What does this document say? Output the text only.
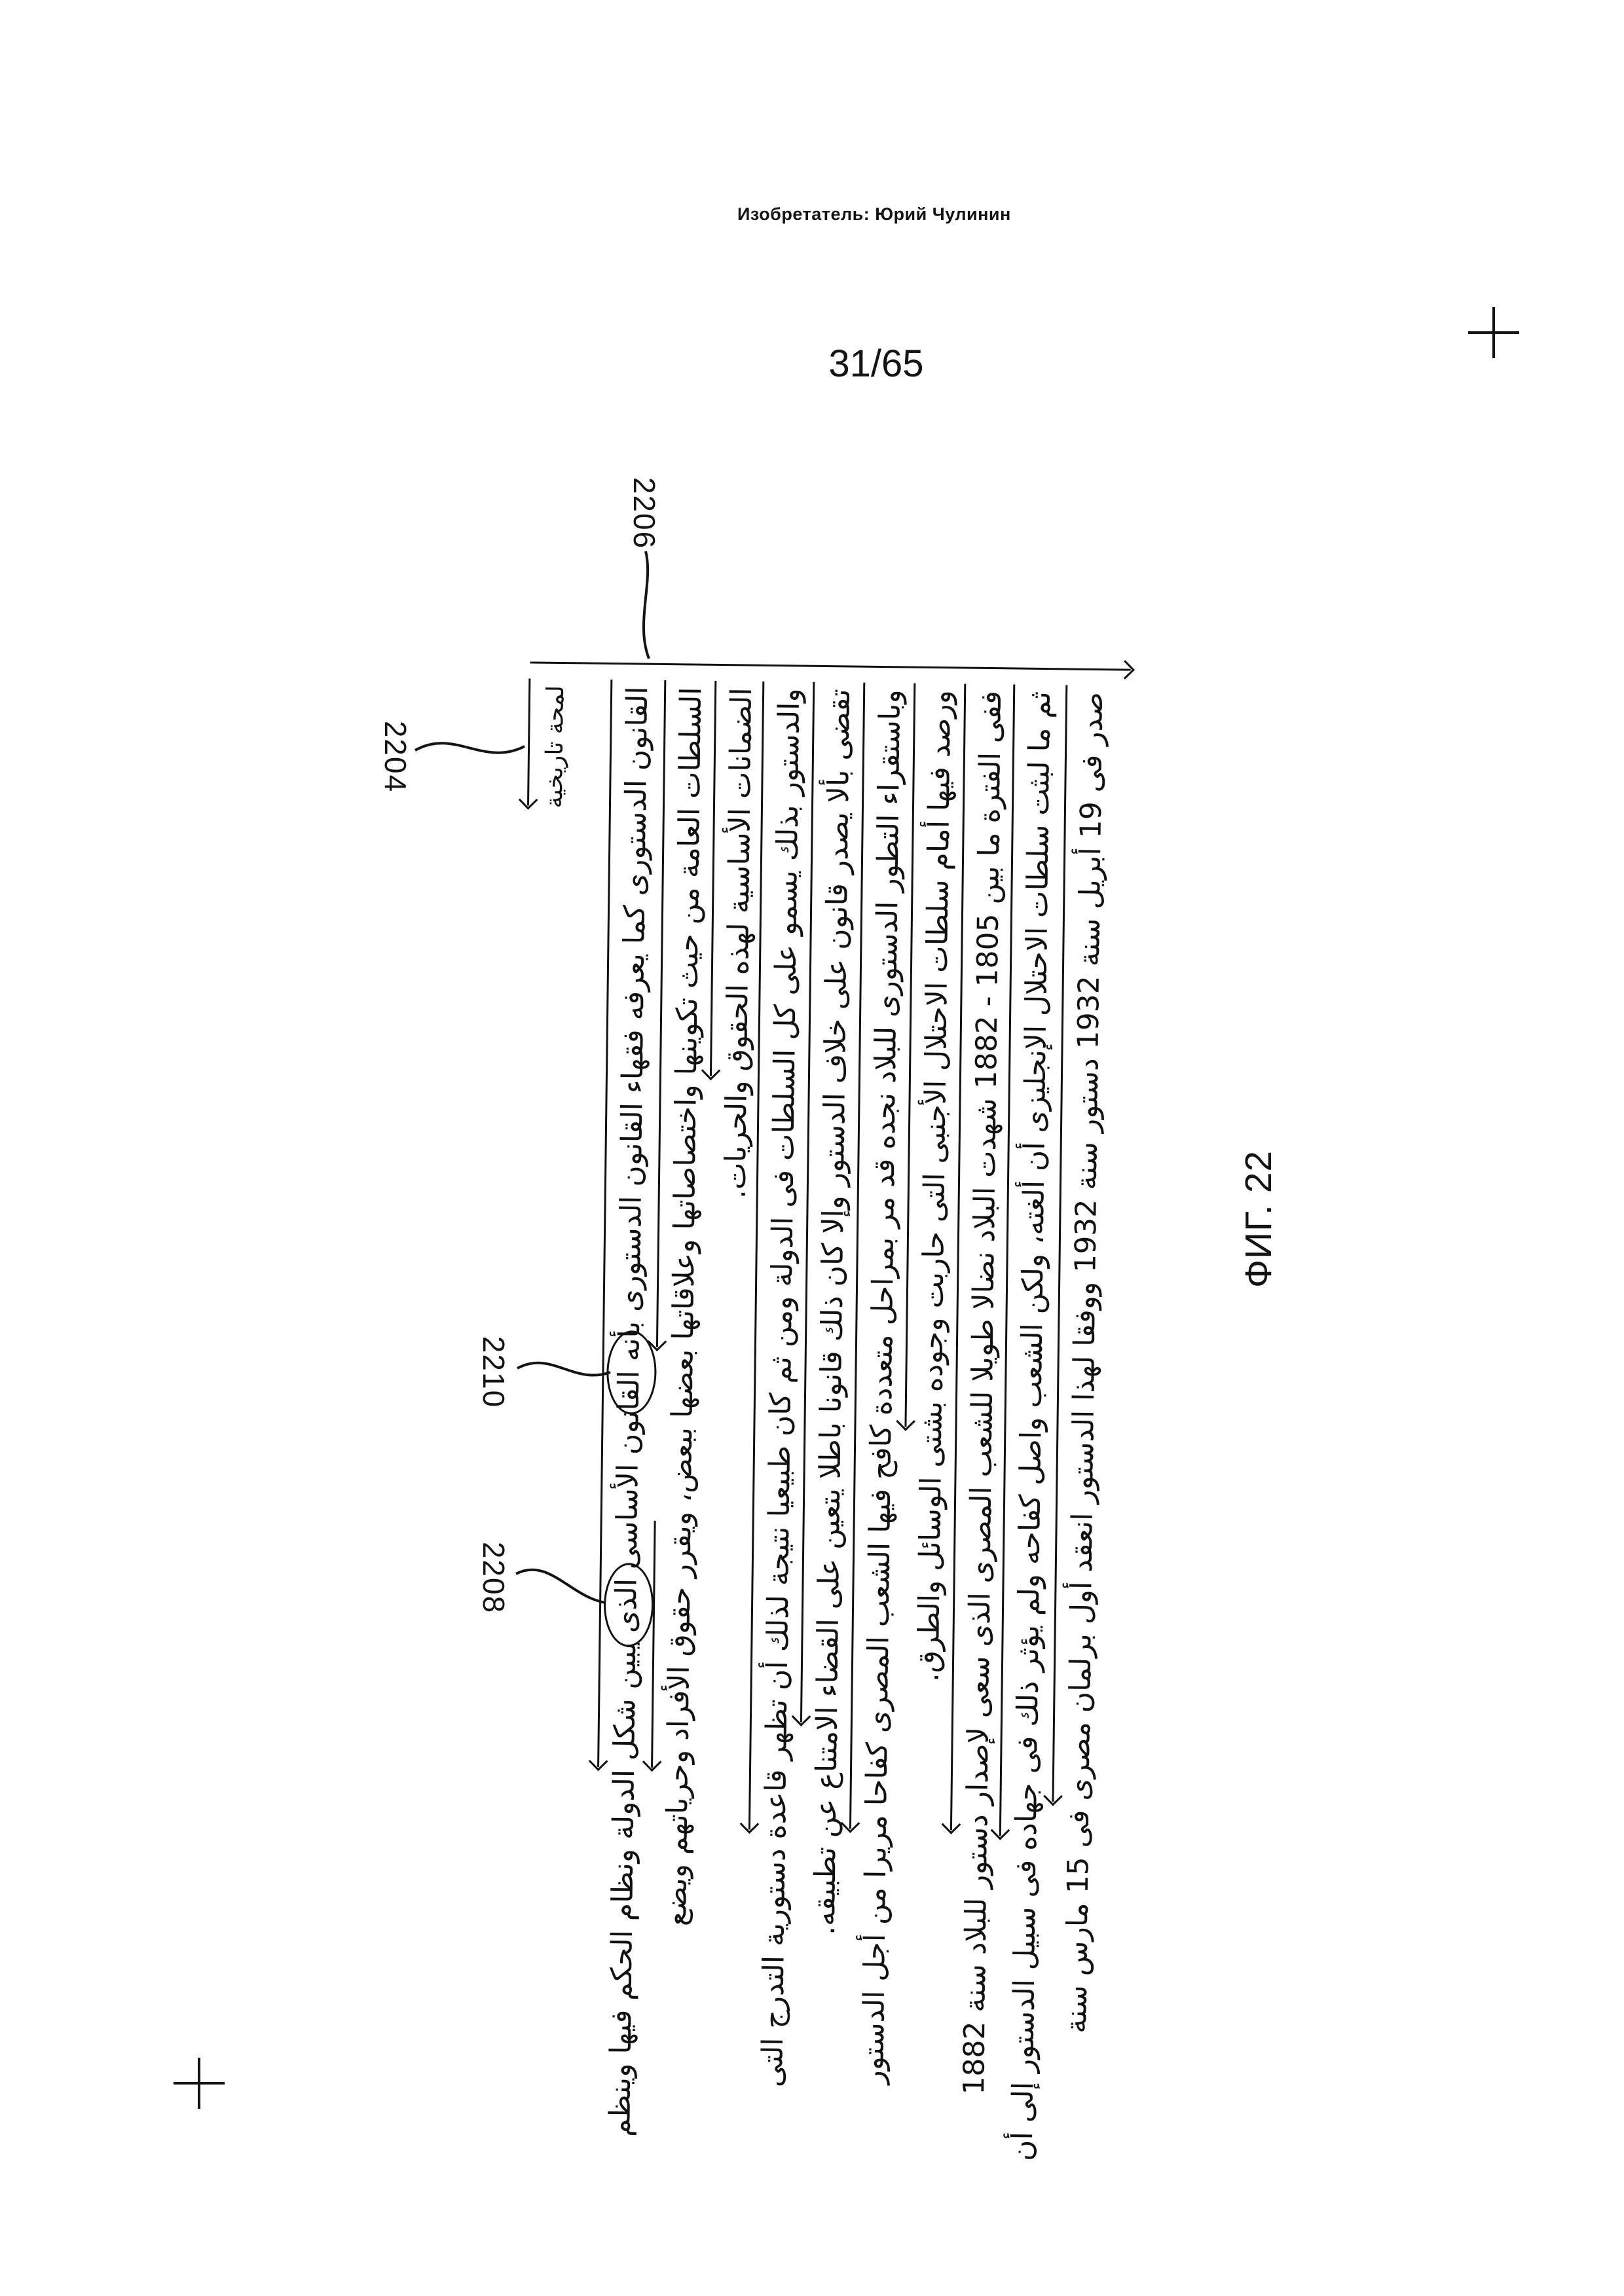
Изобретатель: Юрий Чулинин
31/65
لمحة تاريخية القانون الدستورى كما يعرفه فقهاء القانون الدستورى بأنه القانون الأساسى الذى يبين شكل الدولة ونظام الحكم فيها وينظم السلطات العامة من حيث تكوينها واختصاصاتها وعلاقاتها بعضها ببعض، ويقرر حقوق الأفراد وحرياتهم ويضع الضمانات الأساسية لهذه الحقوق والحريات.
والدستور بذلك يسمو على كل السلطات فى الدولة ومن ثم كان طبيعيا نتيجة لذلك أن تظهر قاعدة دستورية التدرج التى تقضى بألا يصدر قانون على خلاف الدستور وإلا كان ذلك قانونا باطلا يتعين على القضاء الامتناع عن تطبيقه. وباستقراء التطور الدستورى للبلاد نجده قد مر بمراحل متعددة كافح فيها الشعب المصرى كفاحا مريرا من أجل الدستور ورصد فيها أمام سلطات الاحتلال الأجنبى التى حاربت وجوده بشتى الوسائل والطرق.
ففى الفترة ما بين 1805 - 1882 شهدت البلاد نضالا طويلا للشعب المصرى الذى سعى لإصدار دستور للبلاد سنة 1882
ثم ما لبثت سلطات الاحتلال الإنجليزى أن ألغته، ولكن الشعب واصل كفاحه ولم يؤثر ذلك فى جهاده فى سبيل الدستور إلى أن صدر فى 19 أبريل سنة 1932 دستور سنة 1932 ووفقا لهذا الدستور انعقد أول برلمان مصرى فى 15 مارس سنة
2204
2206
2208
2210
ФИГ. 22
